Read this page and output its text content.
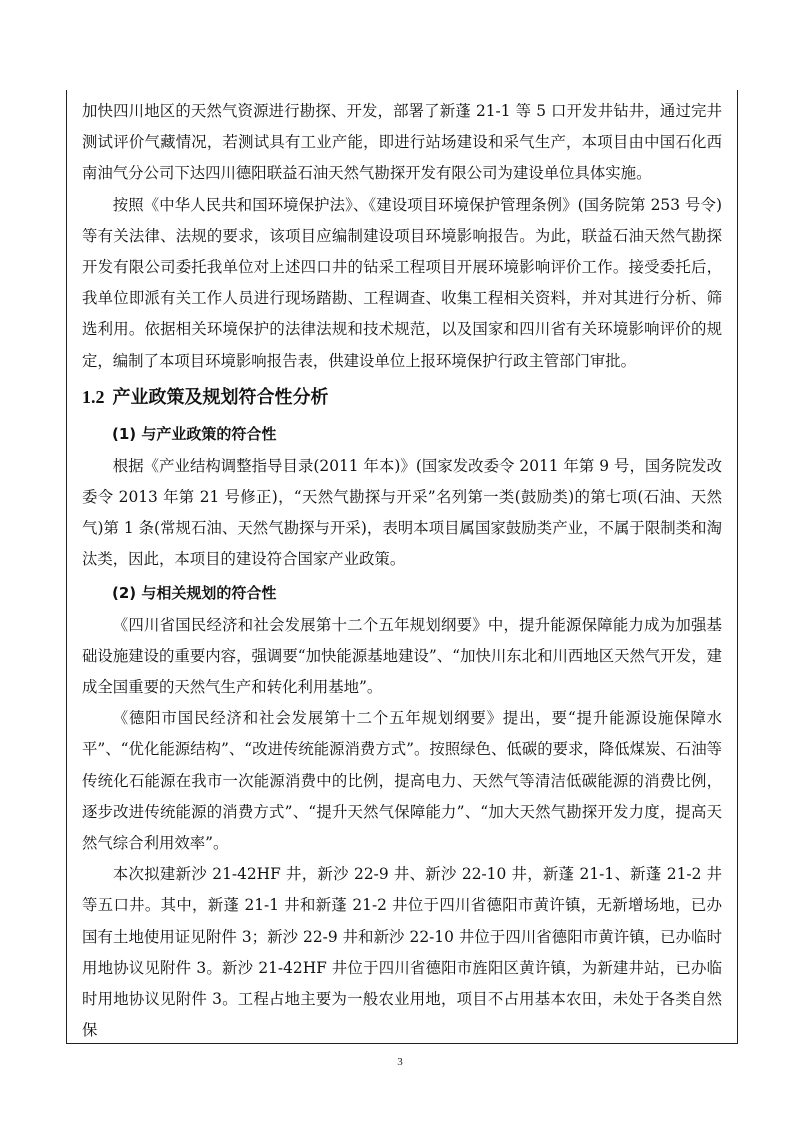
加快四川地区的天然气资源进行勘探、开发，部署了新蓬 21-1 等 5 口开发井钻井，通过完井测试评价气藏情况，若测试具有工业产能，即进行站场建设和采气生产，本项目由中国石化西南油气分公司下达四川德阳联益石油天然气勘探开发有限公司为建设单位具体实施。

按照《中华人民共和国环境保护法》、《建设项目环境保护管理条例》(国务院第 253 号令)等有关法律、法规的要求，该项目应编制建设项目环境影响报告。为此，联益石油天然气勘探开发有限公司委托我单位对上述四口井的钻采工程项目开展环境影响评价工作。接受委托后，我单位即派有关工作人员进行现场踏勘、工程调查、收集工程相关资料，并对其进行分析、筛选利用。依据相关环境保护的法律法规和技术规范，以及国家和四川省有关环境影响评价的规定，编制了本项目环境影响报告表，供建设单位上报环境保护行政主管部门审批。

1.2 产业政策及规划符合性分析
(1) 与产业政策的符合性

根据《产业结构调整指导目录(2011 年本)》(国家发改委令 2011 年第 9 号，国务院发改委令 2013 年第 21 号修正)，“天然气勘探与开采”名列第一类(鼓励类)的第七项(石油、天然气)第 1 条(常规石油、天然气勘探与开采)，表明本项目属国家鼓励类产业，不属于限制类和淘汰类，因此，本项目的建设符合国家产业政策。

(2) 与相关规划的符合性

《四川省国民经济和社会发展第十二个五年规划纲要》中，提升能源保障能力成为加强基础设施建设的重要内容，强调要“加快能源基地建设”、“加快川东北和川西地区天然气开发，建成全国重要的天然气生产和转化利用基地”。

《德阳市国民经济和社会发展第十二个五年规划纲要》提出，要“提升能源设施保障水平”、“优化能源结构”、“改进传统能源消费方式”。按照绿色、低碳的要求，降低煤炭、石油等传统化石能源在我市一次能源消费中的比例，提高电力、天然气等清洁低碳能源的消费比例，逐步改进传统能源的消费方式”、“提升天然气保障能力”、“加大天然气勘探开发力度，提高天然气综合利用效率”。

本次拟建新沙 21-42HF 井，新沙 22-9 井、新沙 22-10 井，新蓬 21-1、新蓬 21-2 井等五口井。其中，新蓬 21-1 井和新蓬 21-2 井位于四川省德阳市黄许镇，无新增场地，已办国有土地使用证见附件 3；新沙 22-9 井和新沙 22-10 井位于四川省德阳市黄许镇，已办临时用地协议见附件 3。新沙 21-42HF 井位于四川省德阳市旌阳区黄许镇，为新建井站，已办临时用地协议见附件 3。工程占地主要为一般农业用地，项目不占用基本农田，未处于各类自然保

3
